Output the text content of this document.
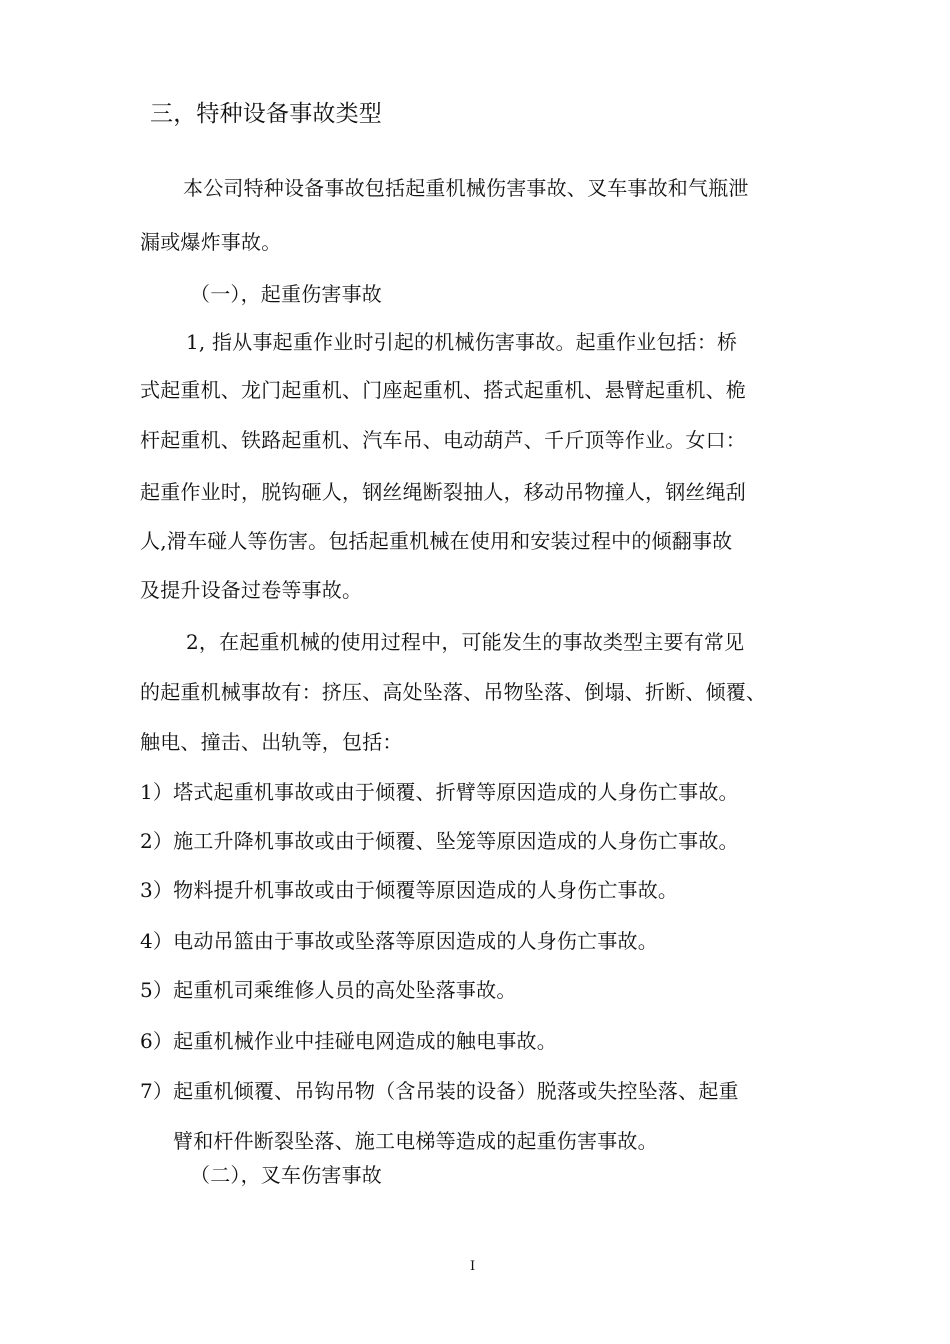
三，特种设备事故类型
本公司特种设备事故包括起重机械伤害事故、叉车事故和气瓶泄
漏或爆炸事故。
（一），起重伤害事故
1, 指从事起重作业时引起的机械伤害事故。起重作业包括：桥
式起重机、龙门起重机、门座起重机、搭式起重机、悬臂起重机、桅
杆起重机、铁路起重机、汽车吊、电动葫芦、千斤顶等作业。女口：
起重作业时，脱钩砸人，钢丝绳断裂抽人，移动吊物撞人，钢丝绳刮
人,滑车碰人等伤害。包括起重机械在使用和安装过程中的倾翻事故
及提升设备过卷等事故。
2，在起重机械的使用过程中，可能发生的事故类型主要有常见
的起重机械事故有：挤压、高处坠落、吊物坠落、倒塌、折断、倾覆、
触电、撞击、出轨等，包括：
1）塔式起重机事故或由于倾覆、折臂等原因造成的人身伤亡事故。
2）施工升降机事故或由于倾覆、坠笼等原因造成的人身伤亡事故。
3）物料提升机事故或由于倾覆等原因造成的人身伤亡事故。
4）电动吊篮由于事故或坠落等原因造成的人身伤亡事故。
5）起重机司乘维修人员的高处坠落事故。
6）起重机械作业中挂碰电网造成的触电事故。
7）起重机倾覆、吊钩吊物（含吊装的设备）脱落或失控坠落、起重
臂和杆件断裂坠落、施工电梯等造成的起重伤害事故。
（二），叉车伤害事故
I
